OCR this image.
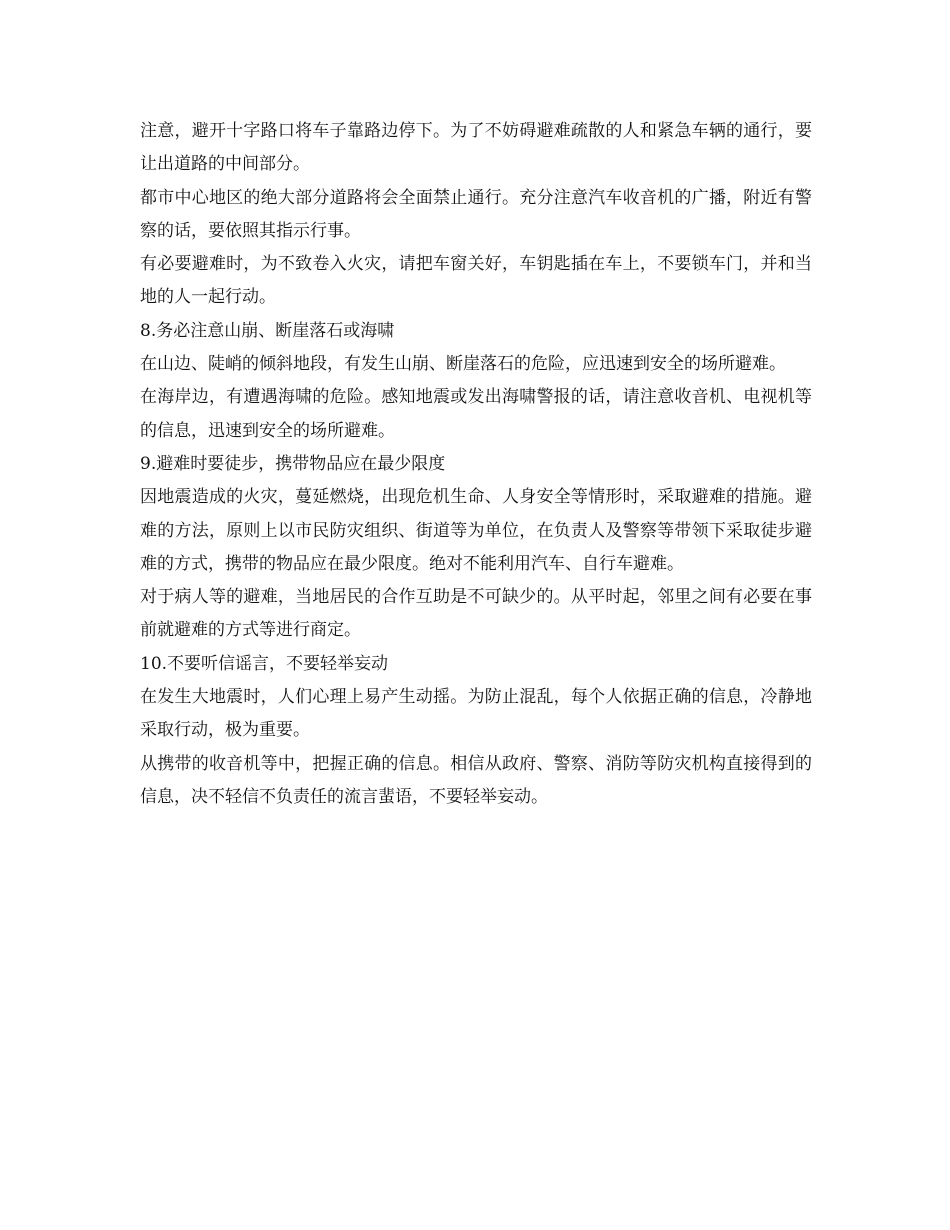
注意，避开十字路口将车子靠路边停下。为了不妨碍避难疏散的人和紧急车辆的通行，要让出道路的中间部分。

都市中心地区的绝大部分道路将会全面禁止通行。充分注意汽车收音机的广播，附近有警察的话，要依照其指示行事。

有必要避难时，为不致卷入火灾，请把车窗关好，车钥匙插在车上，不要锁车门，并和当地的人一起行动。

8.务必注意山崩、断崖落石或海啸

在山边、陡峭的倾斜地段，有发生山崩、断崖落石的危险，应迅速到安全的场所避难。

在海岸边，有遭遇海啸的危险。感知地震或发出海啸警报的话，请注意收音机、电视机等的信息，迅速到安全的场所避难。

9.避难时要徒步，携带物品应在最少限度

因地震造成的火灾，蔓延燃烧，出现危机生命、人身安全等情形时，采取避难的措施。避难的方法，原则上以市民防灾组织、街道等为单位，在负责人及警察等带领下采取徒步避难的方式，携带的物品应在最少限度。绝对不能利用汽车、自行车避难。

对于病人等的避难，当地居民的合作互助是不可缺少的。从平时起，邻里之间有必要在事前就避难的方式等进行商定。

10.不要听信谣言，不要轻举妄动

在发生大地震时，人们心理上易产生动摇。为防止混乱，每个人依据正确的信息，冷静地采取行动，极为重要。

从携带的收音机等中，把握正确的信息。相信从政府、警察、消防等防灾机构直接得到的信息，决不轻信不负责任的流言蜚语，不要轻举妄动。
